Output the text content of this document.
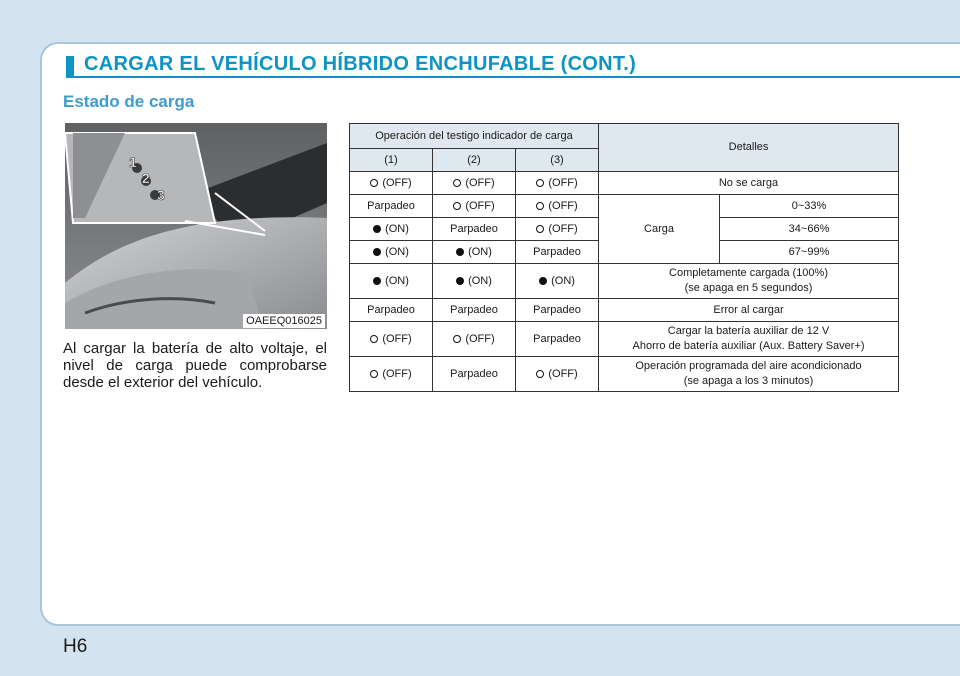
CARGAR EL VEHÍCULO HÍBRIDO ENCHUFABLE (CONT.)
Estado de carga
1
2
3
OAEEQ016025
Al cargar la batería de alto voltaje, el nivel de carga puede comprobarse desde el exterior del vehículo.
Operación del testigo indicador de carga			Detalles	
(1)	(2)	(3)		
(OFF)	(OFF)	(OFF)	No se carga	
Parpadeo	(OFF)	(OFF)	Carga	0~33%
(ON)	Parpadeo	(OFF)		34~66%
(ON)	(ON)	Parpadeo		67~99%
(ON)	(ON)	(ON)	Completamente cargada (100%)
(se apaga en 5 segundos)	

Parpadeo	Parpadeo	Parpadeo	Error al cargar	
(OFF)	(OFF)	Parpadeo	Cargar la batería auxiliar de 12 V
Ahorro de batería auxiliar (Aux. Battery Saver+)	

(OFF)	Parpadeo	(OFF)	Operación programada del aire acondicionado
(se apaga a los 3 minutos)	
H6
